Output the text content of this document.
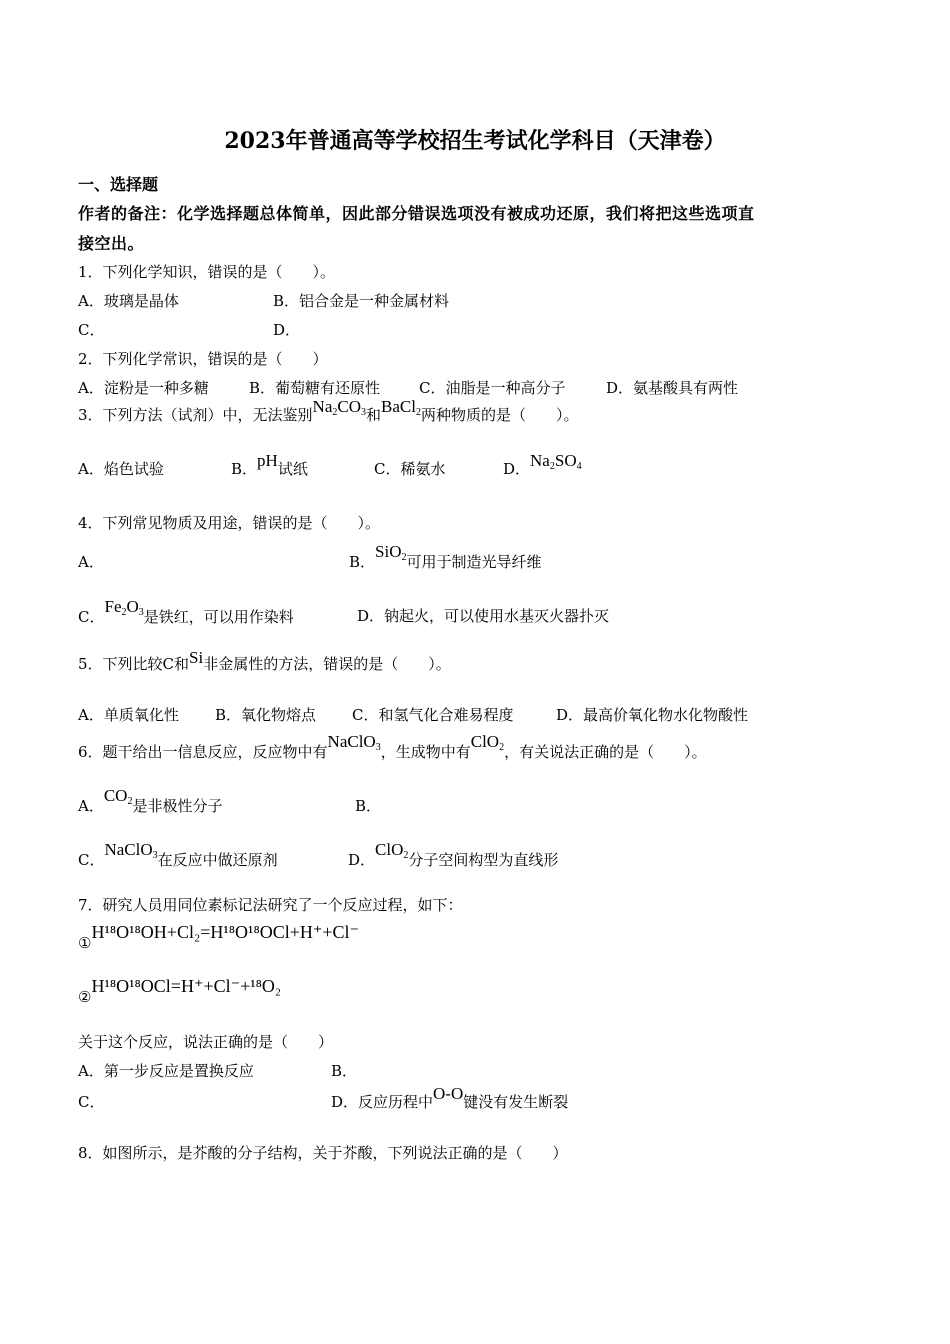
2023年普通高等学校招生考试化学科目（天津卷）
一、选择题
作者的备注：化学选择题总体简单，因此部分错误选项没有被成功还原，我们将把这些选项直
接空出。
1．下列化学知识，错误的是（　　）。
A．玻璃是晶体	B．铝合金是一种金属材料
C．	D．
2．下列化学常识，错误的是（　　）
A．淀粉是一种多糖	B．葡萄糖有还原性	C．油脂是一种高分子	D．氨基酸具有两性
3．下列方法（试剂）中，无法鉴别$Na_2CO_3$和BaCl$_2$两种物质的是（　　）。
A．焰色试验	B．pH试纸	C．稀氨水	D．$Na_2SO_4$
4．下列常见物质及用途，错误的是（　　）。
A．	B．SiO$_2$可用于制造光导纤维
C．$Fe_2O_3$是铁红，可以用作染料	D．钠起火，可以使用水基灭火器扑灭
5．下列比较C和Si非金属性的方法，错误的是（　　）。
A．单质氧化性 B．氧化物熔点 C．和氢气化合难易程度	D．最高价氧化物水化物酸性
6．题干给出一信息反应，反应物中有NaClO$_3$，生成物中有ClO$_2$，有关说法正确的是（　　）。
A．$CO_2$是非极性分子	B．
C．NaClO$_3$在反应中做还原剂	D．ClO$_2$分子空间构型为直线形
7．研究人员用同位素标记法研究了一个反应过程，如下：
①H¹⁸O¹⁸OH+Cl₂=H¹⁸O¹⁸OCl+H⁺+Cl⁻
②H¹⁸O¹⁸OCl=H⁺+Cl⁻+¹⁸O₂
关于这个反应，说法正确的是（　　）
A．第一步反应是置换反应	B．
C．	D．反应历程中O-O键没有发生断裂
8．如图所示，是芥酸的分子结构，关于芥酸，下列说法正确的是（　　）
